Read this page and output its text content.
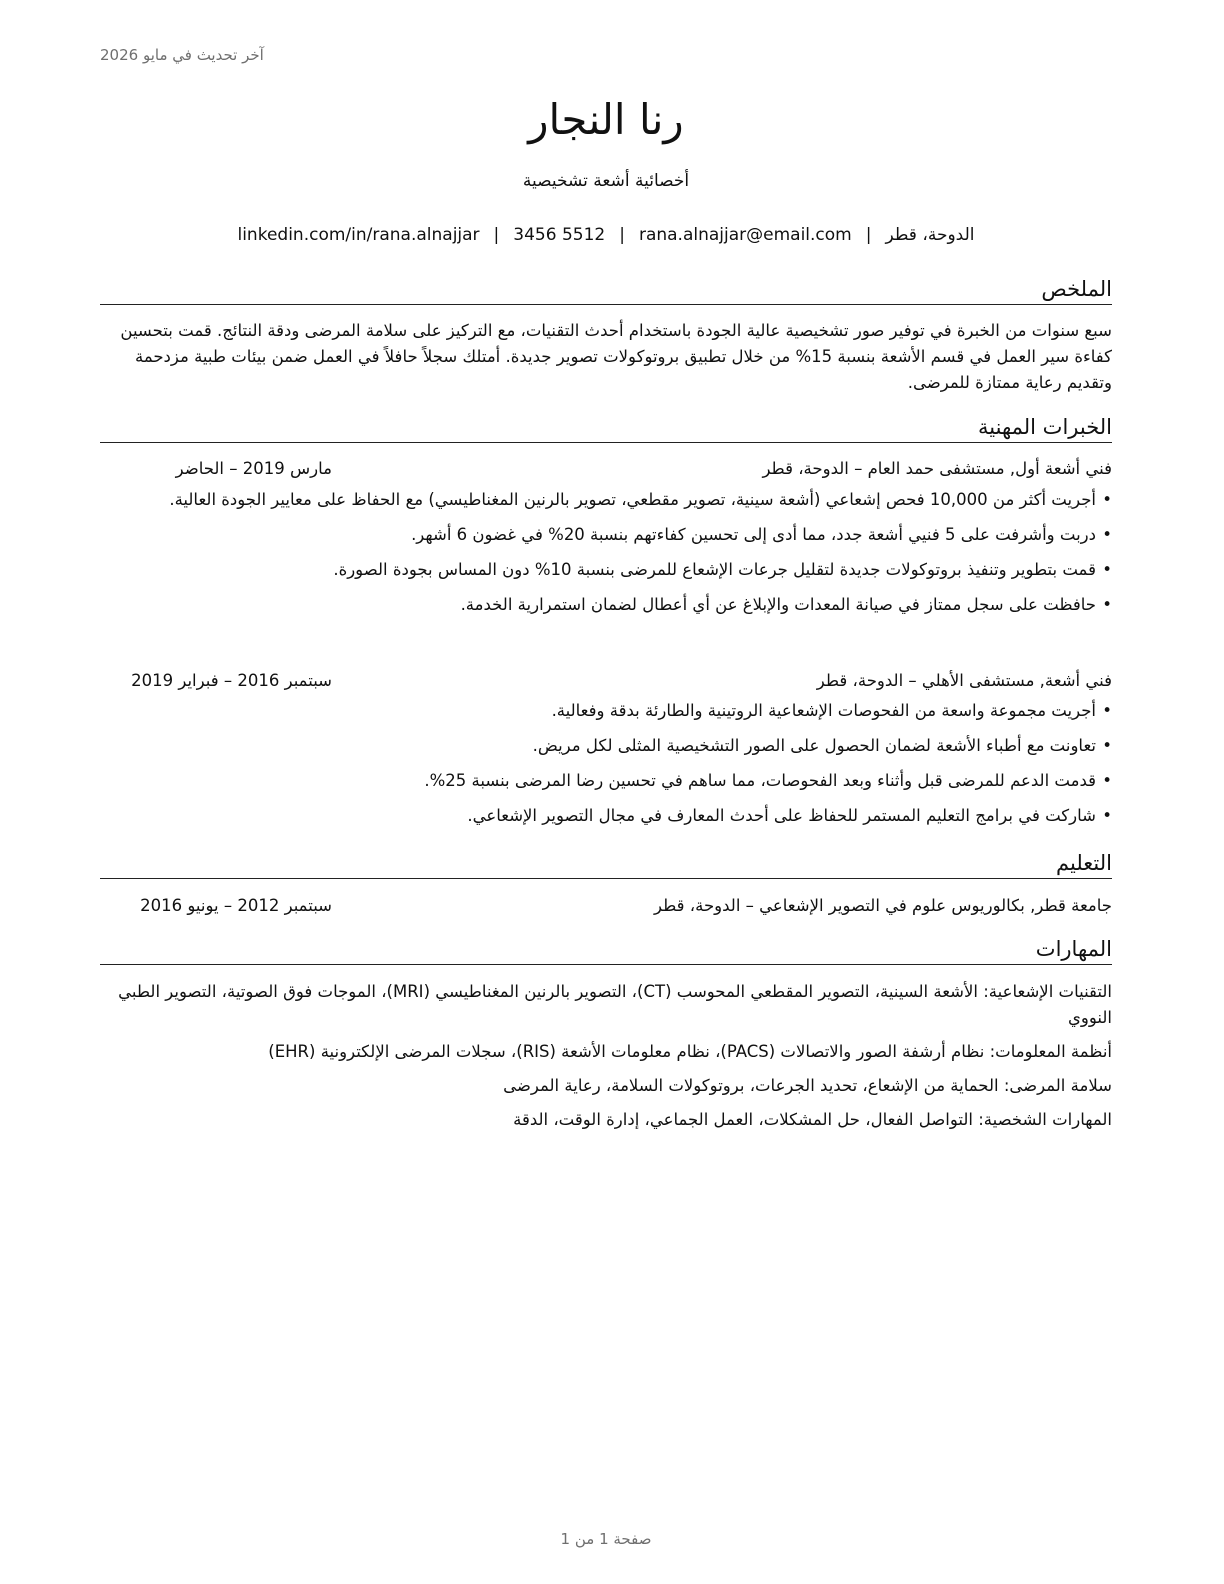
آخر تحديث في مايو 2026
رنا النجار
أخصائية أشعة تشخيصية
linkedin.com/in/rana.alnajjar | 3456 5512 | rana.alnajjar@email.com | الدوحة، قطر
الملخص
سبع سنوات من الخبرة في توفير صور تشخيصية عالية الجودة باستخدام أحدث التقنيات، مع التركيز على سلامة المرضى ودقة النتائج. قمت بتحسين كفاءة سير العمل في قسم الأشعة بنسبة 15% من خلال تطبيق بروتوكولات تصوير جديدة. أمتلك سجلاً حافلاً في العمل ضمن بيئات طبية مزدحمة وتقديم رعاية ممتازة للمرضى.
الخبرات المهنية
فني أشعة أول, مستشفى حمد العام – الدوحة، قطر
مارس 2019 – الحاضر
• أجريت أكثر من 10,000 فحص إشعاعي (أشعة سينية، تصوير مقطعي، تصوير بالرنين المغناطيسي) مع الحفاظ على معايير الجودة العالية.
• دربت وأشرفت على 5 فنيي أشعة جدد، مما أدى إلى تحسين كفاءتهم بنسبة 20% في غضون 6 أشهر.
• قمت بتطوير وتنفيذ بروتوكولات جديدة لتقليل جرعات الإشعاع للمرضى بنسبة 10% دون المساس بجودة الصورة.
• حافظت على سجل ممتاز في صيانة المعدات والإبلاغ عن أي أعطال لضمان استمرارية الخدمة.
فني أشعة, مستشفى الأهلي – الدوحة، قطر
سبتمبر 2016 – فبراير 2019
• أجريت مجموعة واسعة من الفحوصات الإشعاعية الروتينية والطارئة بدقة وفعالية.
• تعاونت مع أطباء الأشعة لضمان الحصول على الصور التشخيصية المثلى لكل مريض.
• قدمت الدعم للمرضى قبل وأثناء وبعد الفحوصات، مما ساهم في تحسين رضا المرضى بنسبة 25%.
• شاركت في برامج التعليم المستمر للحفاظ على أحدث المعارف في مجال التصوير الإشعاعي.
التعليم
جامعة قطر, بكالوريوس علوم في التصوير الإشعاعي – الدوحة، قطر
سبتمبر 2012 – يونيو 2016
المهارات
التقنيات الإشعاعية: الأشعة السينية، التصوير المقطعي المحوسب (CT)، التصوير بالرنين المغناطيسي (MRI)، الموجات فوق الصوتية، التصوير الطبي النووي
أنظمة المعلومات: نظام أرشفة الصور والاتصالات (PACS)، نظام معلومات الأشعة (RIS)، سجلات المرضى الإلكترونية (EHR)
سلامة المرضى: الحماية من الإشعاع، تحديد الجرعات، بروتوكولات السلامة، رعاية المرضى
المهارات الشخصية: التواصل الفعال، حل المشكلات، العمل الجماعي، إدارة الوقت، الدقة
صفحة 1 من 1
